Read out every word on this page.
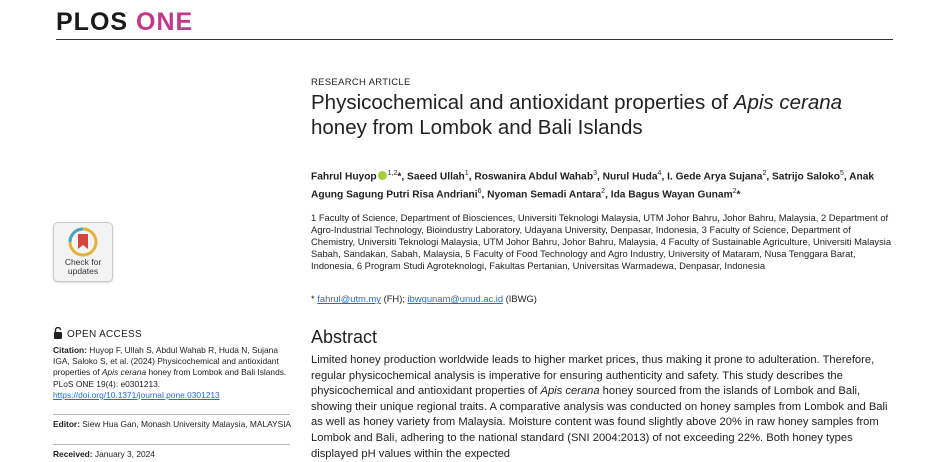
PLOS ONE
RESEARCH ARTICLE
Physicochemical and antioxidant properties of Apis cerana honey from Lombok and Bali Islands
Fahrul Huyop $^{1,2}$*, Saeed Ullah$^1$, Roswanira Abdul Wahab$^3$, Nurul Huda$^4$, I. Gede Arya Sujana$^2$, Satrijo Saloko$^5$, Anak Agung Sagung Putri Risa Andriani$^6$, Nyoman Semadi Antara$^2$, Ida Bagus Wayan Gunam$^2$*
1 Faculty of Science, Department of Biosciences, Universiti Teknologi Malaysia, UTM Johor Bahru, Johor Bahru, Malaysia, 2 Department of Agro-Industrial Technology, Bioindustry Laboratory, Udayana University, Denpasar, Indonesia, 3 Faculty of Science, Department of Chemistry, Universiti Teknologi Malaysia, UTM Johor Bahru, Johor Bahru, Malaysia, 4 Faculty of Sustainable Agriculture, Universiti Malaysia Sabah, Sandakan, Sabah, Malaysia, 5 Faculty of Food Technology and Agro Industry, University of Mataram, Nusa Tenggara Barat, Indonesia, 6 Program Studi Agroteknologi, Fakultas Pertanian, Universitas Warmadewa, Denpasar, Indonesia
* fahrul@utm.my (FH); ibwgunam@unud.ac.id (IBWG)
Abstract
Limited honey production worldwide leads to higher market prices, thus making it prone to adulteration. Therefore, regular physicochemical analysis is imperative for ensuring authenticity and safety. This study describes the physicochemical and antioxidant properties of Apis cerana honey sourced from the islands of Lombok and Bali, showing their unique regional traits. A comparative analysis was conducted on honey samples from Lombok and Bali as well as honey variety from Malaysia. Moisture content was found slightly above 20% in raw honey samples from Lombok and Bali, adhering to the national standard (SNI 2004:2013) of not exceeding 22%. Both honey types displayed pH values within the expected
Check for
updates
OPEN ACCESS
Citation: Huyop F, Ullah S, Abdul Wahab R, Huda N, Sujana IGA, Saloko S, et al. (2024) Physicochemical and antioxidant properties of Apis cerana honey from Lombok and Bali Islands. PLoS ONE 19(4): e0301213. https://doi.org/10.1371/journal.pone.0301213
Editor: Siew Hua Gan, Monash University Malaysia, MALAYSIA
Received: January 3, 2024
